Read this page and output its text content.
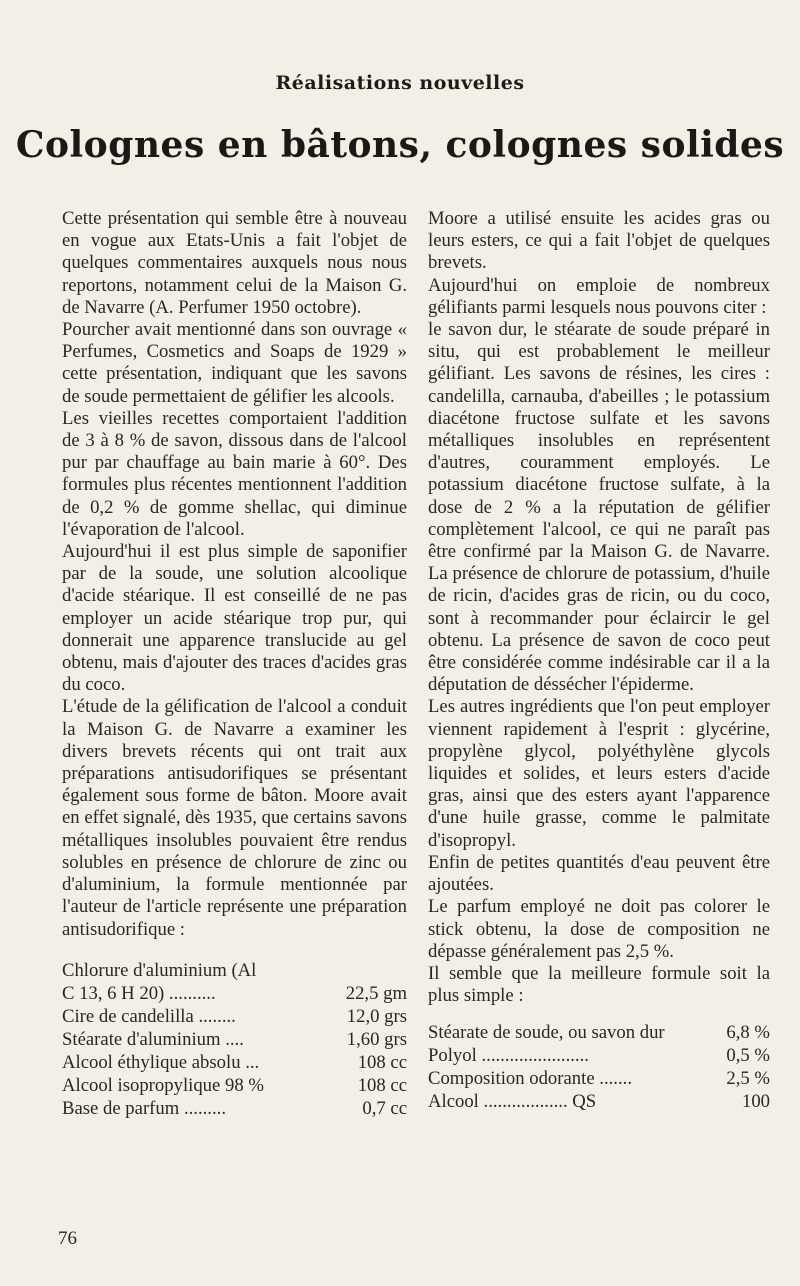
Réalisations nouvelles
Colognes en bâtons, colognes solides

Cette présentation qui semble être à nouveau en vogue aux Etats-Unis a fait l'objet de quelques commentaires auxquels nous nous reportons, notamment celui de la Maison G. de Navarre (A. Perfumer 1950 octobre).

Pourcher avait mentionné dans son ouvrage « Perfumes, Cosmetics and Soaps de 1929 » cette présentation, indiquant que les savons de soude permettaient de gélifier les alcools.

Les vieilles recettes comportaient l'addition de 3 à 8 % de savon, dissous dans de l'alcool pur par chauffage au bain marie à 60°. Des formules plus récentes mentionnent l'addition de 0,2 % de gomme shellac, qui diminue l'évaporation de l'alcool.

Aujourd'hui il est plus simple de saponifier par de la soude, une solution alcoolique d'acide stéarique. Il est conseillé de ne pas employer un acide stéarique trop pur, qui donnerait une apparence translucide au gel obtenu, mais d'ajouter des traces d'acides gras du coco.

L'étude de la gélification de l'alcool a conduit la Maison G. de Navarre a examiner les divers brevets récents qui ont trait aux préparations antisudorifiques se présentant également sous forme de bâton. Moore avait en effet signalé, dès 1935, que certains savons métalliques insolubles pouvaient être rendus solubles en présence de chlorure de zinc ou d'aluminium, la formule mentionnée par l'auteur de l'article représente une préparation antisudorifique :

Chlorure d'aluminium (Al	
C 13, 6 H 20) ..........	22,5 gm
Cire de candelilla ........	12,0 grs
Stéarate d'aluminium ....	1,60 grs
Alcool éthylique absolu ...	108 cc
Alcool isopropylique 98 %	108 cc
Base de parfum .........	0,7 cc

Moore a utilisé ensuite les acides gras ou leurs esters, ce qui a fait l'objet de quelques brevets.

Aujourd'hui on emploie de nombreux gélifiants parmi lesquels nous pouvons citer :

le savon dur, le stéarate de soude préparé in situ, qui est probablement le meilleur gélifiant. Les savons de résines, les cires : candelilla, carnauba, d'abeilles ; le potassium diacétone fructose sulfate et les savons métalliques insolubles en représentent d'autres, couramment employés. Le potassium diacétone fructose sulfate, à la dose de 2 % a la réputation de gélifier complètement l'alcool, ce qui ne paraît pas être confirmé par la Maison G. de Navarre. La présence de chlorure de potassium, d'huile de ricin, d'acides gras de ricin, ou du coco, sont à recommander pour éclaircir le gel obtenu. La présence de savon de coco peut être considérée comme indésirable car il a la députation de déssécher l'épiderme.

Les autres ingrédients que l'on peut employer viennent rapidement à l'esprit : glycérine, propylène glycol, polyéthylène glycols liquides et solides, et leurs esters d'acide gras, ainsi que des esters ayant l'apparence d'une huile grasse, comme le palmitate d'isopropyl.

Enfin de petites quantités d'eau peuvent être ajoutées.

Le parfum employé ne doit pas colorer le stick obtenu, la dose de composition ne dépasse généralement pas 2,5 %.

Il semble que la meilleure formule soit la plus simple :

Stéarate de soude, ou savon dur	6,8 %
Polyol .......................	0,5 %
Composition odorante .......	2,5 %
Alcool .................. QS	100
76
